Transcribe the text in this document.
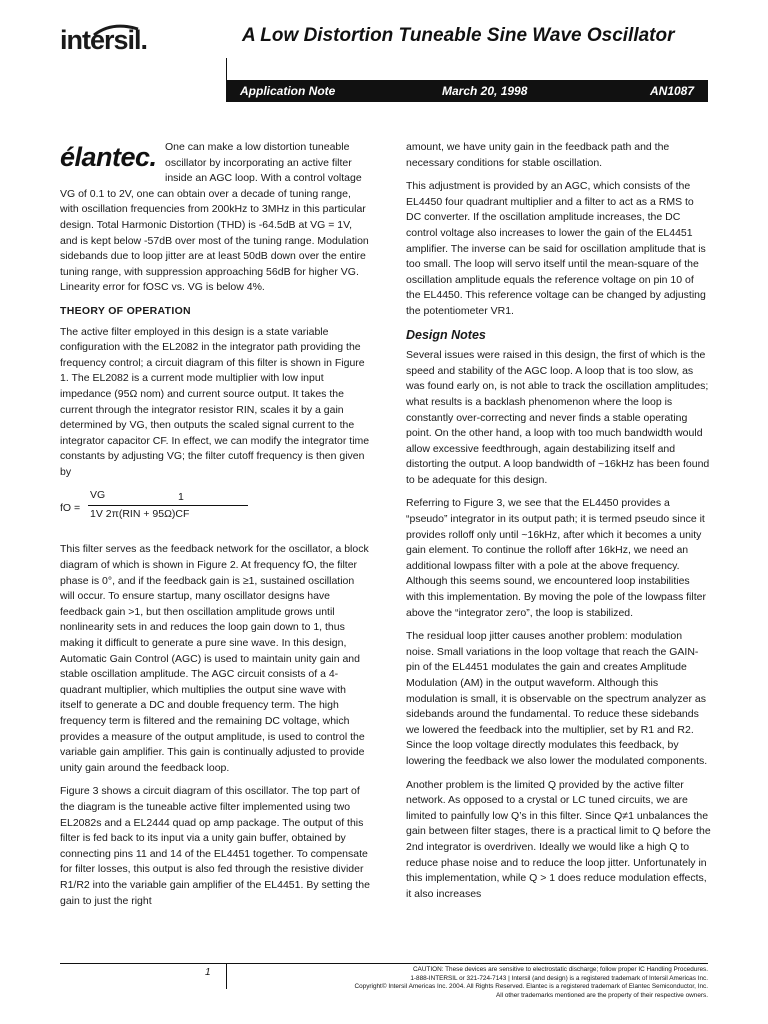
intersil.	A Low Distortion Tuneable Sine Wave Oscillator
Application Note	March 20, 1998	AN1087
élantec. One can make a low distortion tuneable oscillator by incorporating an active filter inside an AGC loop. With a control voltage VG of 0.1 to 2V, one can obtain over a decade of tuning range, with oscillation frequencies from 200kHz to 3MHz in this particular design. Total Harmonic Distortion (THD) is -64.5dB at VG = 1V, and is kept below -57dB over most of the tuning range. Modulation sidebands due to loop jitter are at least 50dB down over the entire tuning range, with suppression approaching 56dB for higher VG. Linearity error for fOSC vs. VG is below 4%.

THEORY OF OPERATION

The active filter employed in this design is a state variable configuration with the EL2082 in the integrator path providing the frequency control; a circuit diagram of this filter is shown in Figure 1. The EL2082 is a current mode multiplier with low input impedance (95Ω nom) and current source output. It takes the current through the integrator resistor RIN, scales it by a gain determined by VG, then outputs the scaled signal current to the integrator capacitor CF. In effect, we can modify the integrator time constants by adjusting VG; the filter cutoff frequency is then given by

fO =
VG	1
1V 2π(RIN + 95Ω)CF

This filter serves as the feedback network for the oscillator, a block diagram of which is shown in Figure 2. At frequency fO, the filter phase is 0°, and if the feedback gain is ≥1, sustained oscillation will occur. To ensure startup, many oscillator designs have feedback gain >1, but then oscillation amplitude grows until nonlinearity sets in and reduces the loop gain down to 1, thus making it difficult to generate a pure sine wave. In this design, Automatic Gain Control (AGC) is used to maintain unity gain and stable oscillation amplitude. The AGC circuit consists of a 4-quadrant multiplier, which multiplies the output sine wave with itself to generate a DC and double frequency term. The high frequency term is filtered and the remaining DC voltage, which provides a measure of the output amplitude, is used to control the variable gain amplifier. This gain is continually adjusted to provide unity gain around the feedback loop.

Figure 3 shows a circuit diagram of this oscillator. The top part of the diagram is the tuneable active filter implemented using two EL2082s and a EL2444 quad op amp package. The output of this filter is fed back to its input via a unity gain buffer, obtained by connecting pins 11 and 14 of the EL4451 together. To compensate for filter losses, this output is also fed through the resistive divider R1/R2 into the variable gain amplifier of the EL4451. By setting the gain to just the right

amount, we have unity gain in the feedback path and the necessary conditions for stable oscillation.

This adjustment is provided by an AGC, which consists of the EL4450 four quadrant multiplier and a filter to act as a RMS to DC converter. If the oscillation amplitude increases, the DC control voltage also increases to lower the gain of the EL4451 amplifier. The inverse can be said for oscillation amplitude that is too small. The loop will servo itself until the mean-square of the oscillation amplitude equals the reference voltage on pin 10 of the EL4450. This reference voltage can be changed by adjusting the potentiometer VR1.

Design Notes

Several issues were raised in this design, the first of which is the speed and stability of the AGC loop. A loop that is too slow, as was found early on, is not able to track the oscillation amplitudes; what results is a backlash phenomenon where the loop is constantly over-correcting and never finds a stable operating point. On the other hand, a loop with too much bandwidth would allow excessive feedthrough, again destabilizing itself and distorting the output. A loop bandwidth of ~16kHz has been found to be adequate for this design.

Referring to Figure 3, we see that the EL4450 provides a “pseudo” integrator in its output path; it is termed pseudo since it provides rolloff only until ~16kHz, after which it becomes a unity gain element. To continue the rolloff after 16kHz, we need an additional lowpass filter with a pole at the above frequency. Although this seems sound, we encountered loop instabilities with this implementation. By moving the pole of the lowpass filter above the “integrator zero”, the loop is stabilized.

The residual loop jitter causes another problem: modulation noise. Small variations in the loop voltage that reach the GAIN- pin of the EL4451 modulates the gain and creates Amplitude Modulation (AM) in the output waveform. Although this modulation is small, it is observable on the spectrum analyzer as sidebands around the fundamental. To reduce these sidebands we lowered the feedback into the multiplier, set by R1 and R2. Since the loop voltage directly modulates this feedback, by lowering the feedback we also lower the modulated components.

Another problem is the limited Q provided by the active filter network. As opposed to a crystal or LC tuned circuits, we are limited to painfully low Q’s in this filter. Since Q≠1 unbalances the gain between filter stages, there is a practical limit to Q before the 2nd integrator is overdriven. Ideally we would like a high Q to reduce phase noise and to reduce the loop jitter. Unfortunately in this implementation, while Q > 1 does reduce modulation effects, it also increases

1	CAUTION: These devices are sensitive to electrostatic discharge; follow proper IC Handling Procedures.
1-888-INTERSIL or 321-724-7143 | Intersil (and design) is a registered trademark of Intersil Americas Inc.
Copyright© Intersil Americas Inc. 2004. All Rights Reserved. Elantec is a registered trademark of Elantec Semiconductor, Inc.
All other trademarks mentioned are the property of their respective owners.
